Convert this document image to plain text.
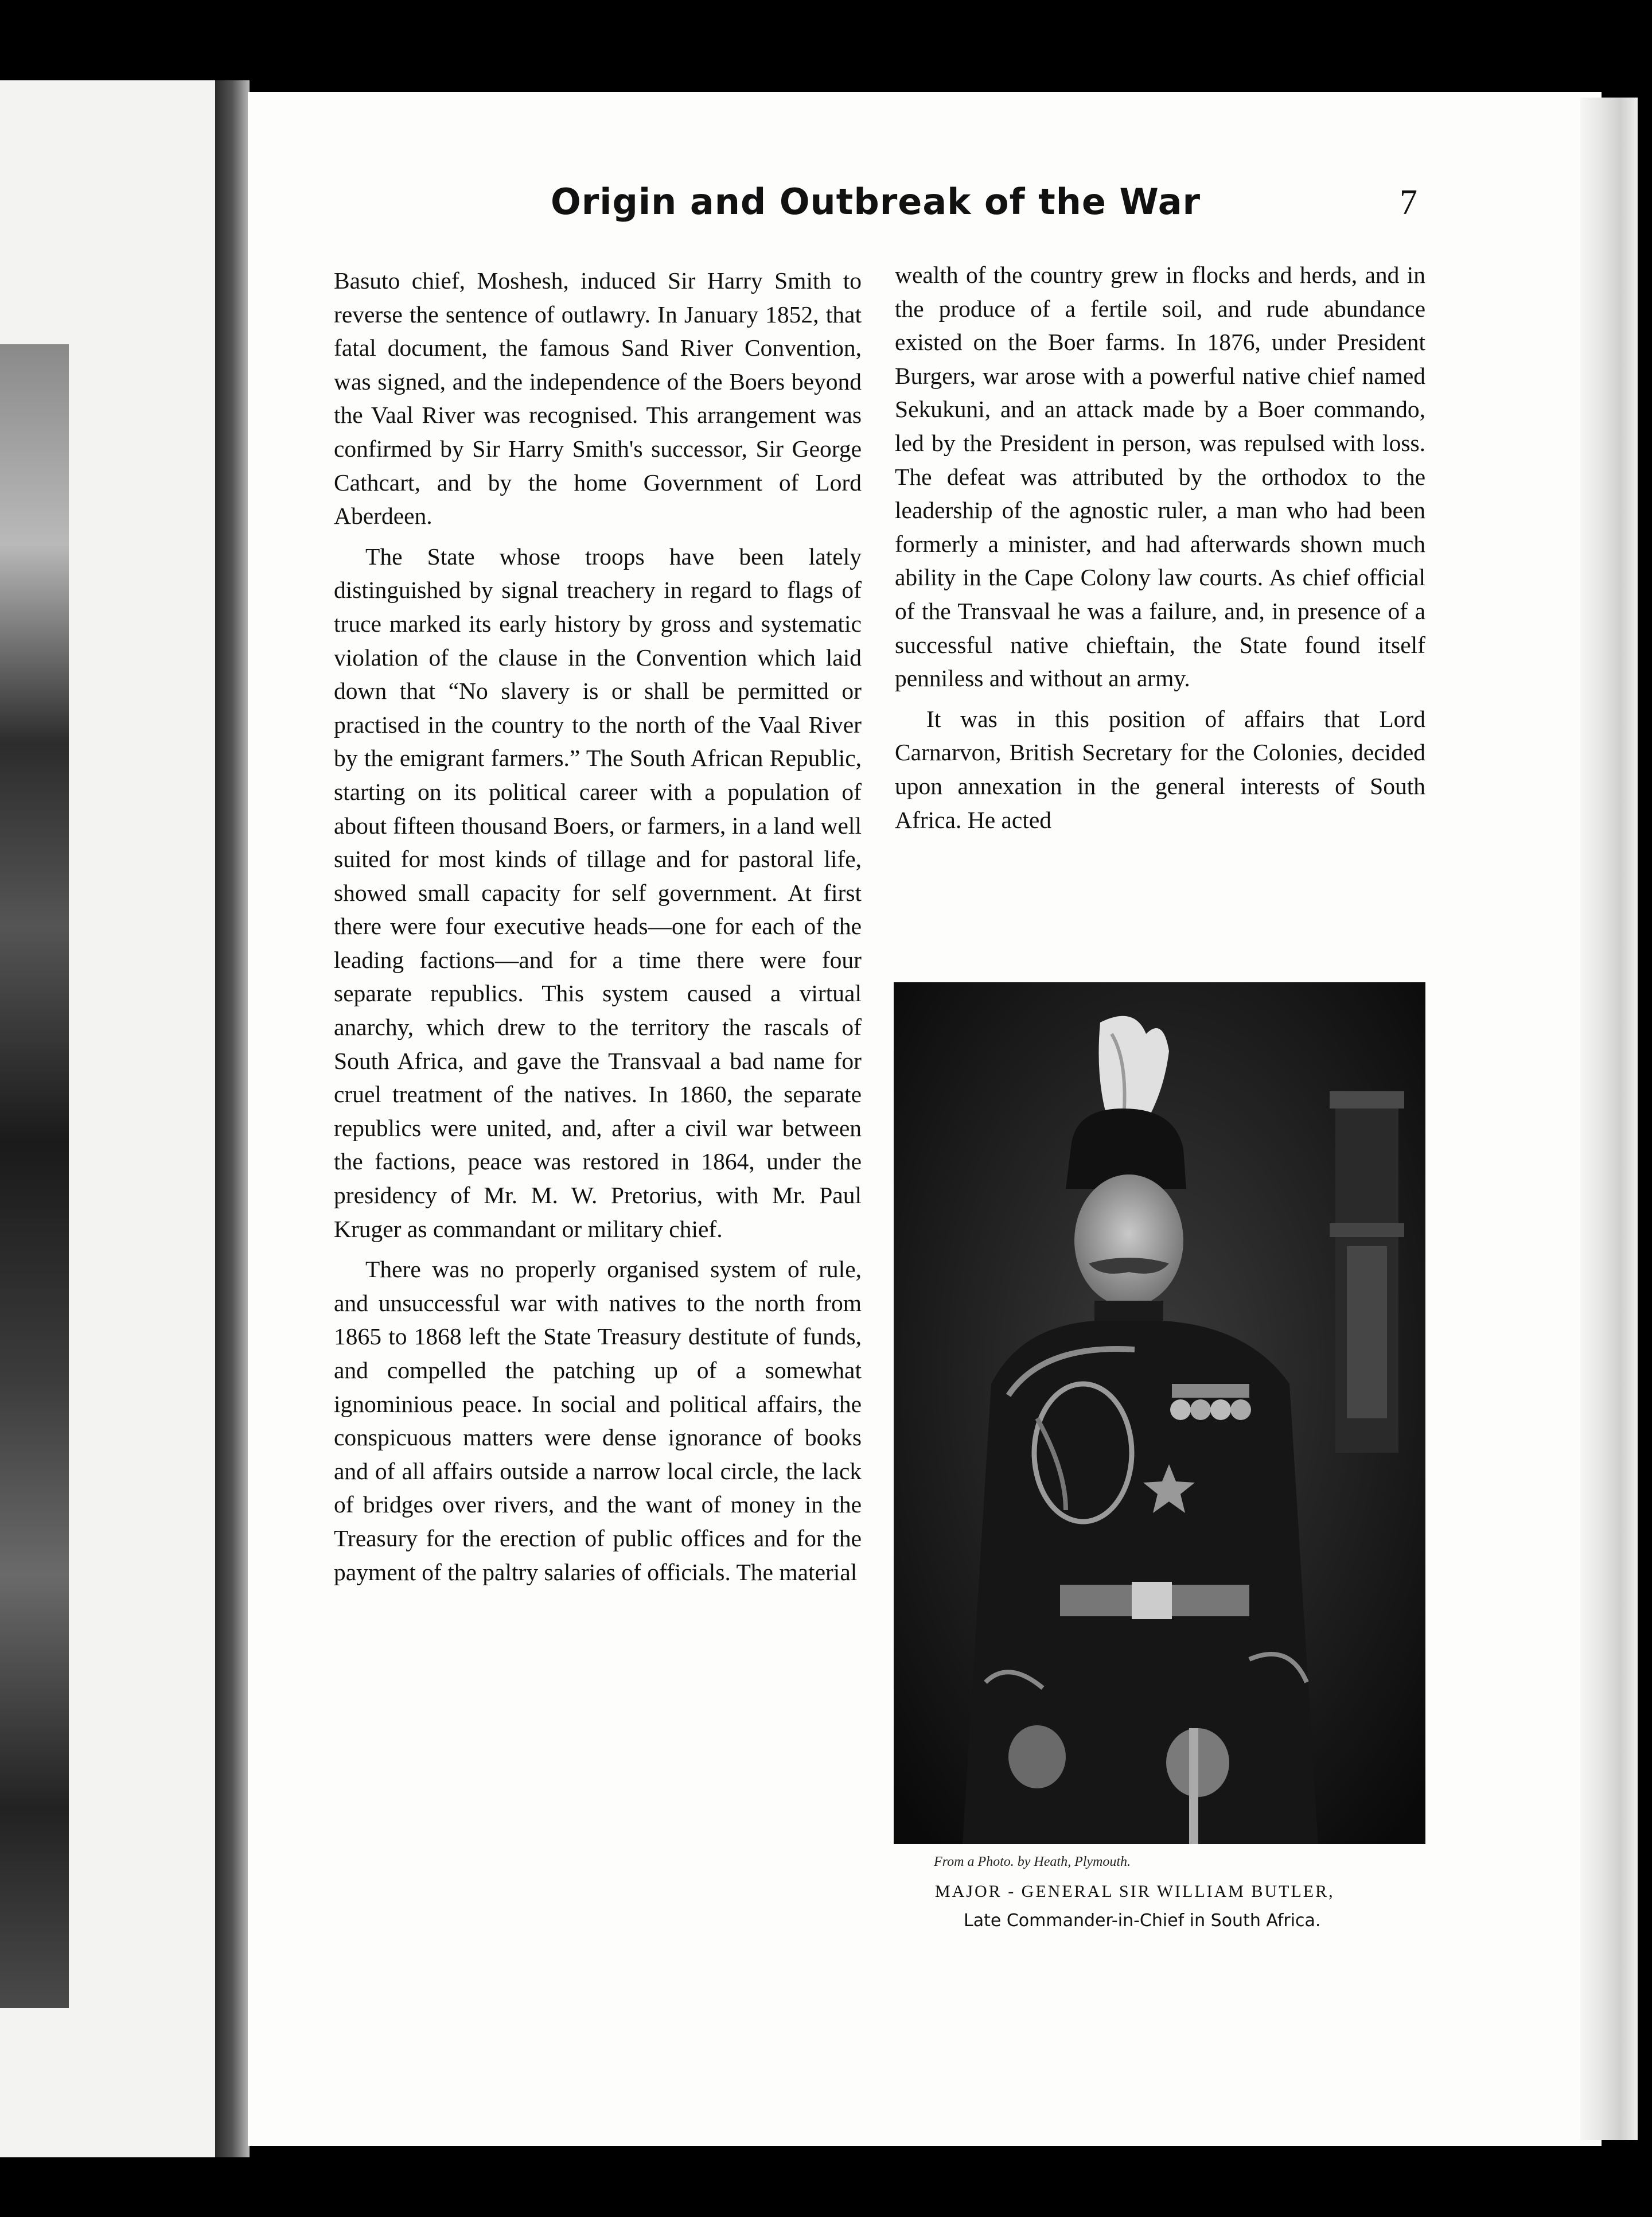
Origin and Outbreak of the War	7

Basuto chief, Moshesh, induced Sir Harry Smith to reverse the sentence of outlawry. In January 1852, that fatal document, the famous Sand River Convention, was signed, and the independence of the Boers beyond the Vaal River was recognised. This arrangement was confirmed by Sir Harry Smith's successor, Sir George Cathcart, and by the home Government of Lord Aberdeen.

The State whose troops have been lately distinguished by signal treachery in regard to flags of truce marked its early history by gross and systematic violation of the clause in the Convention which laid down that “No slavery is or shall be permitted or practised in the country to the north of the Vaal River by the emigrant farmers.” The South African Republic, starting on its political career with a population of about fifteen thousand Boers, or farmers, in a land well suited for most kinds of tillage and for pastoral life, showed small capacity for self government. At first there were four executive heads—one for each of the leading factions—and for a time there were four separate republics. This system caused a virtual anarchy, which drew to the territory the rascals of South Africa, and gave the Transvaal a bad name for cruel treatment of the natives. In 1860, the separate republics were united, and, after a civil war between the factions, peace was restored in 1864, under the presidency of Mr. M. W. Pretorius, with Mr. Paul Kruger as commandant or military chief.

There was no properly organised system of rule, and unsuccessful war with natives to the north from 1865 to 1868 left the State Treasury destitute of funds, and compelled the patching up of a somewhat ignominious peace. In social and political affairs, the conspicuous matters were dense ignorance of books and of all affairs outside a narrow local circle, the lack of bridges over rivers, and the want of money in the Treasury for the erection of public offices and for the payment of the paltry salaries of officials. The material

wealth of the country grew in flocks and herds, and in the produce of a fertile soil, and rude abundance existed on the Boer farms. In 1876, under President Burgers, war arose with a powerful native chief named Sekukuni, and an attack made by a Boer commando, led by the President in person, was repulsed with loss. The defeat was attributed by the orthodox to the leadership of the agnostic ruler, a man who had been formerly a minister, and had afterwards shown much ability in the Cape Colony law courts. As chief official of the Transvaal he was a failure, and, in presence of a successful native chieftain, the State found itself penniless and without an army.

It was in this position of affairs that Lord Carnarvon, British Secretary for the Colonies, decided upon annexation in the general interests of South Africa. He acted

From a Photo. by Heath, Plymouth.
MAJOR - GENERAL SIR WILLIAM BUTLER,
Late Commander-in-Chief in South Africa.
